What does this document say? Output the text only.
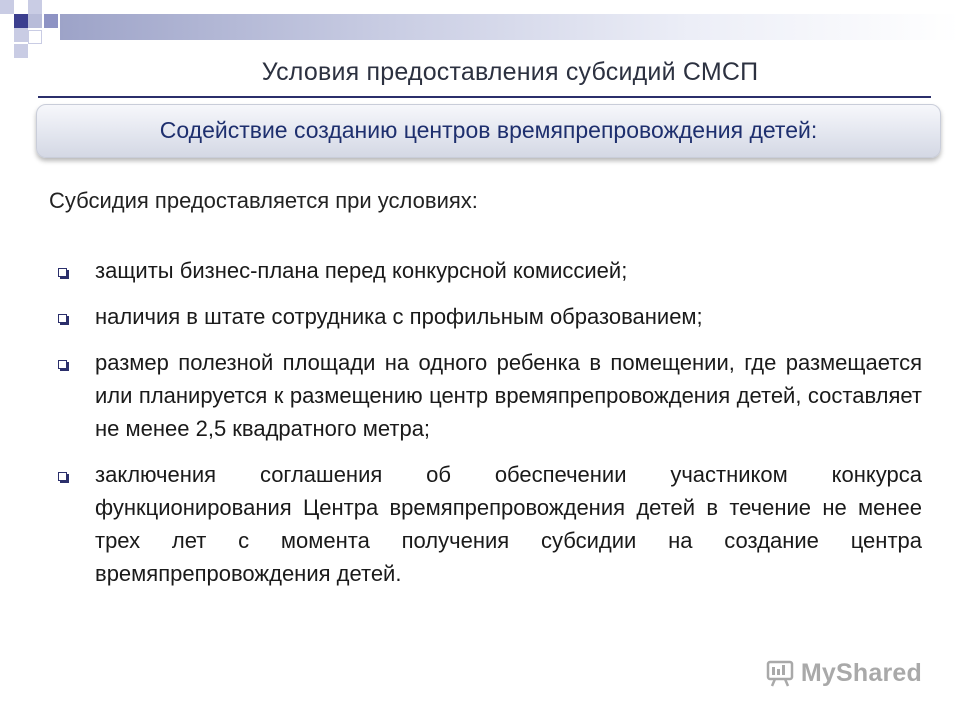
Условия предоставления субсидий СМСП
Содействие созданию центров времяпрепровождения детей:
Субсидия предоставляется при условиях:
защиты бизнес-плана перед конкурсной комиссией;
наличия в штате сотрудника с профильным образованием;
размер полезной площади на одного ребенка в помещении, где размещается или планируется к размещению центр времяпрепровождения детей, составляет не менее 2,5 квадратного метра;
заключения соглашения об обеспечении участником конкурса функционирования Центра времяпрепровождения детей в течение не менее трех лет с момента получения субсидии на создание центра времяпрепровождения детей.
MyShared
